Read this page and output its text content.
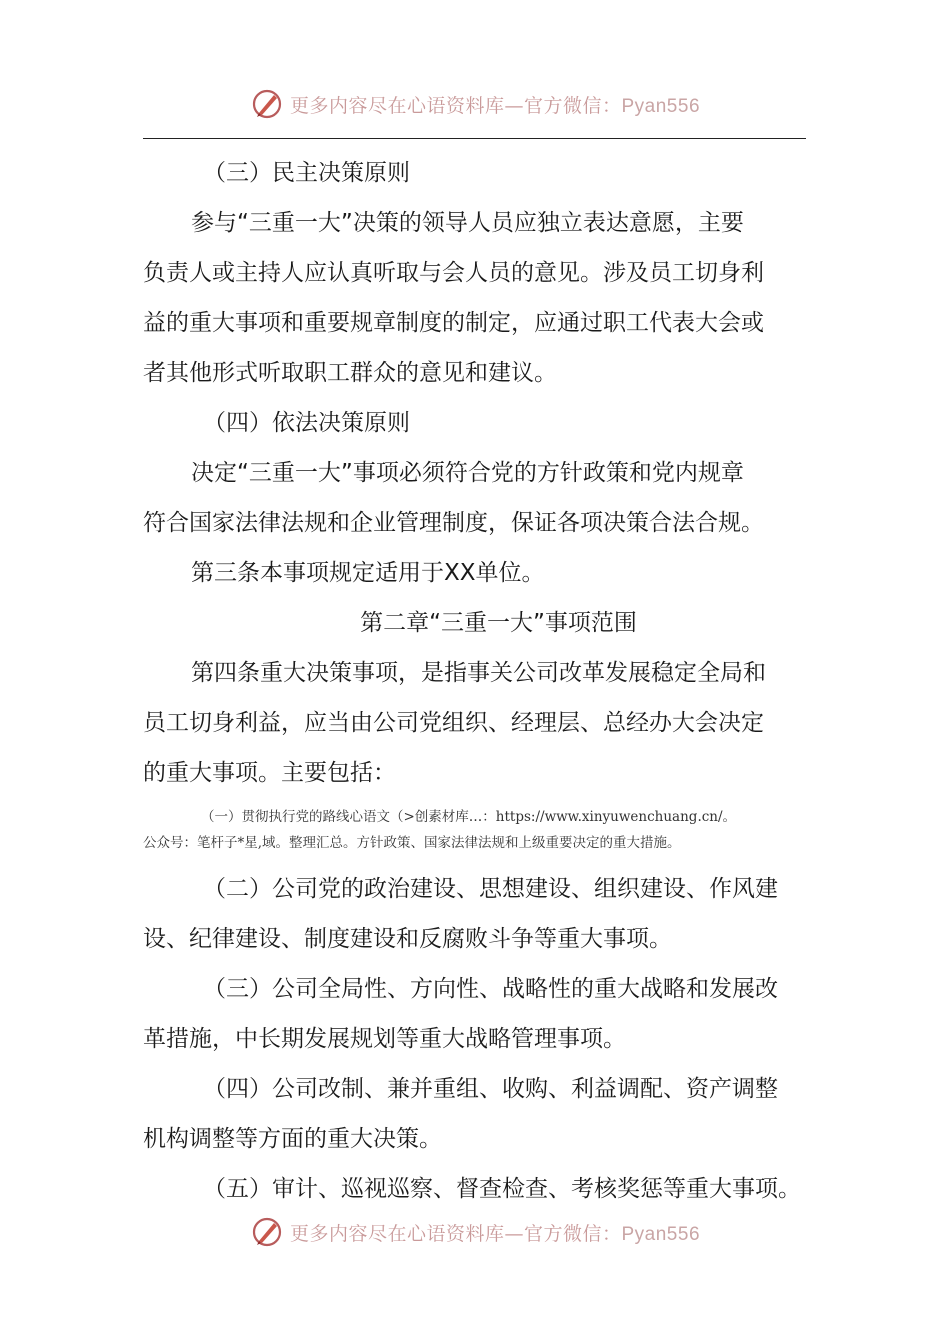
更多内容尽在心语资料库—官方微信：Pyan556
（三）民主决策原则
参与“三重一大”决策的领导人员应独立表达意愿，主要
负责人或主持人应认真听取与会人员的意见。涉及员工切身利
益的重大事项和重要规章制度的制定，应通过职工代表大会或
者其他形式听取职工群众的意见和建议。
（四）依法决策原则
决定“三重一大”事项必须符合党的方针政策和党内规章
符合国家法律法规和企业管理制度，保证各项决策合法合规。
第三条本事项规定适用于XX单位。
第二章“三重一大”事项范围
第四条重大决策事项，是指事关公司改革发展稳定全局和
员工切身利益，应当由公司党组织、经理层、总经办大会决定
的重大事项。主要包括：
（一）贯彻执行党的路线心语文（>创素材库…：https://www.xinyuwenchuang.cn/。
公众号：笔杆子*星,域。整理汇总。方针政策、国家法律法规和上级重要决定的重大措施。
（二）公司党的政治建设、思想建设、组织建设、作风建
设、纪律建设、制度建设和反腐败斗争等重大事项。
（三）公司全局性、方向性、战略性的重大战略和发展改
革措施，中长期发展规划等重大战略管理事项。
（四）公司改制、兼并重组、收购、利益调配、资产调整
机构调整等方面的重大决策。
（五）审计、巡视巡察、督查检查、考核奖惩等重大事项。
更多内容尽在心语资料库—官方微信：Pyan556
